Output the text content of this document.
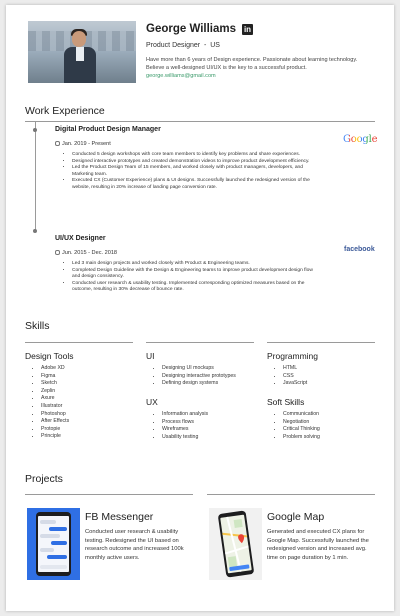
George Williams in
Product Designer  -  US
Have more than 6 years of Design experience. Passionate about learning technology. Believe a well-designed UI/UX is the key to a successful product.
george.williams@gmail.com
Work Experience
Digital Product Design Manager
Jan. 2019 - Present	Google
• Conducted 5 design workshops with core team members to identify key problems and share experiences.
• Designed interactive prototypes and created demonstration videos to improve product development efficiency.
• Led the Product Design Team of 15 members, and worked closely with product managers, developers, and Marketing team.
• Executed CX (Customer Experience) plans & UI designs. Successfully launched the redesigned version of the website, resulting in 20% increase of landing page conversion rate.
UI/UX Designer
Jun. 2015 - Dec. 2018	facebook
• Led 3 main design projects and worked closely with Product & Engineering teams.
• Completed Design Guideline with the Design & Engineering teams to improve product development design flow and design consistency.
• Conducted user research & usability testing. Implemented corresponding optimized measures based on the outcome, resulting in 30% decrease of bounce rate.
Skills
Design Tools
• Adobe XD
• Figma
• Sketch
• Zeplin
• Axure
• Illustrator
• Photoshop
• After Effects
• Protopie
• Principle
UI
• Designing UI mockups
• Designing interactive prototypes
• Defining design systems
UX
• Information analysis
• Process flows
• Wireframes
• Usability testing
Programming
• HTML
• CSS
• JavaScript
Soft Skills
• Communication
• Negotiation
• Critical Thinking
• Problem solving
Projects
FB Messenger
Conducted user research & usability testing. Redesigned the UI based on research outcome and increased 100k monthly active users.
Google Map
Generated and executed CX plans for Google Map. Successfully launched the redesigned version and increased avg. time on page duration by 1 min.
